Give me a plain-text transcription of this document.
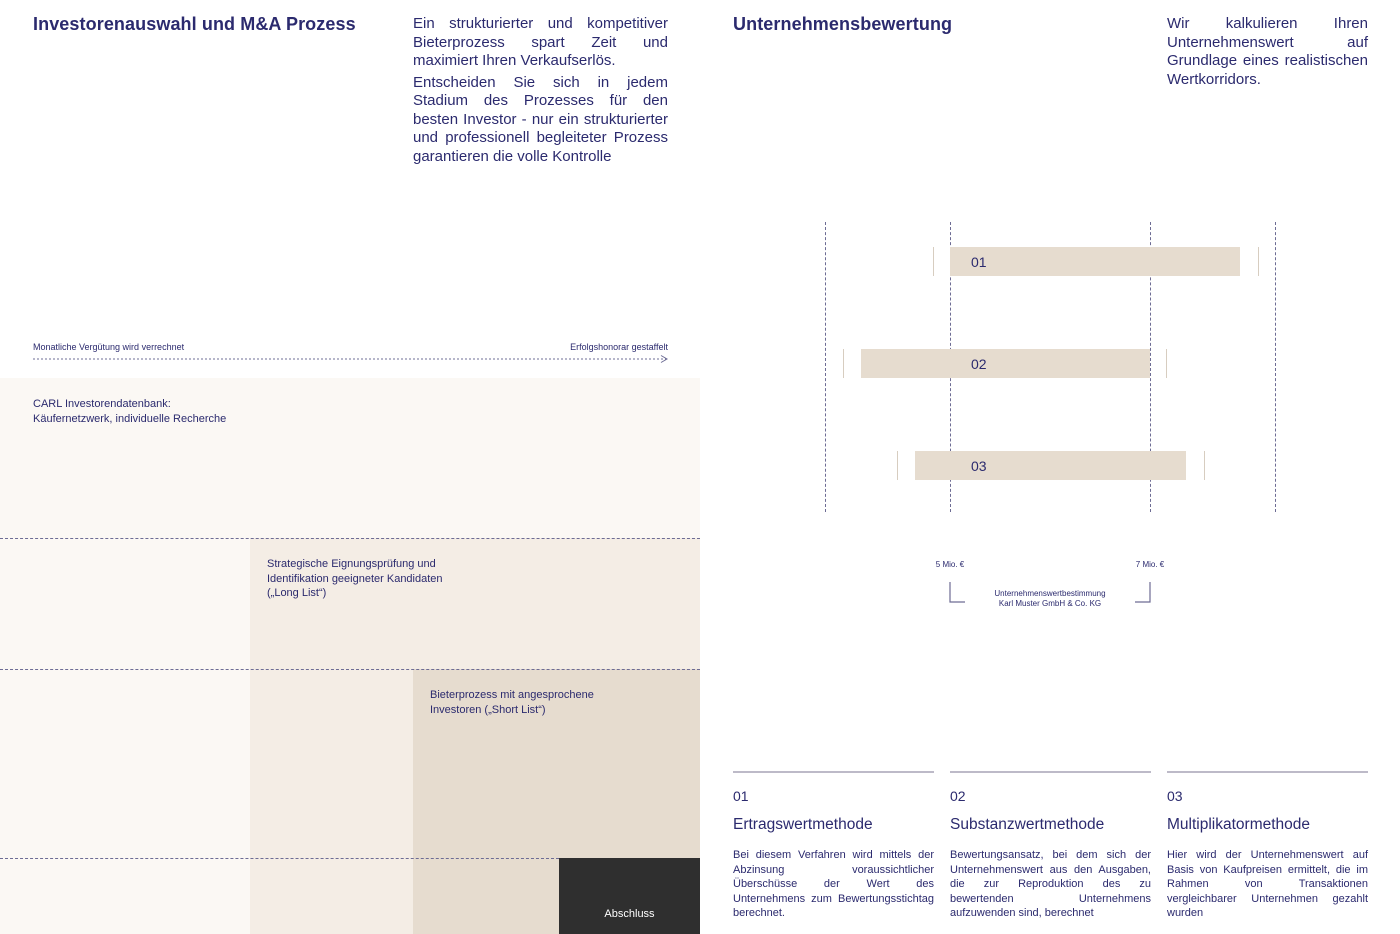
Investorenauswahl und M&A Prozess	Ein strukturierter und kompetitiver Bieterprozess spart Zeit und maximiert Ihren Verkaufserlös.

Entscheiden Sie sich in jedem Stadium des Prozesses für den besten Investor - nur ein strukturierter und professionell begleiteter Prozess garantieren die volle Kontrolle

Monatliche Vergütung wird verrechnet	Erfolgshonorar gestaffelt
CARL Investorendatenbank:
Käufernetzwerk, individuelle Recherche
Strategische Eignungsprüfung und
Identifikation geeigneter Kandidaten
(„Long List“)
Bieterprozess mit angesprochene
Investoren („Short List“)
Abschluss
Unternehmensbewertung	Wir kalkulieren Ihren Unternehmenswert auf Grundlage eines realistischen Wertkorridors.
01
02
03
5 Mio. €	7 Mio. €
Unternehmenswertbestimmung
Karl Muster GmbH & Co. KG
01
Ertragswertmethode
Bei diesem Verfahren wird mittels der Abzinsung voraussichtlicher Überschüsse der Wert des Unternehmens zum Bewertungsstichtag berechnet.
02
Substanzwertmethode
Bewertungsansatz, bei dem sich der Unternehmenswert aus den Ausgaben, die zur Reproduktion des zu bewertenden Unternehmens aufzuwenden sind, berechnet
03
Multiplikatormethode
Hier wird der Unternehmenswert auf Basis von Kaufpreisen ermittelt, die im Rahmen von Transaktionen vergleichbarer Unternehmen gezahlt wurden
